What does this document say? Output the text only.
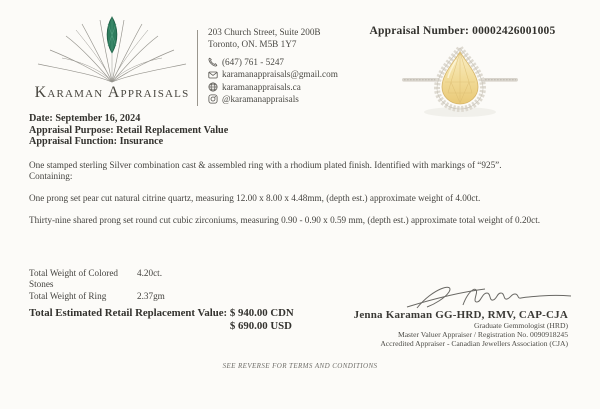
Karaman Appraisals
203 Church Street, Suite 200B
Toronto, ON. M5B 1Y7
(647) 761 - 5247
karamanappraisals@gmail.com
karamanappraisals.ca
@karamanappraisals
Appraisal Number: 00002426001005
Date: September 16, 2024
Appraisal Purpose: Retail Replacement Value
Appraisal Function: Insurance
One stamped sterling Silver combination cast & assembled ring with a rhodium plated finish. Identified with markings of “925”.
Containing:
One prong set pear cut natural citrine quartz, measuring 12.00 x 8.00 x 4.48mm, (depth est.) approximate weight of 4.00ct.
Thirty-nine shared prong set round cut cubic zirconiums, measuring 0.90 - 0.90 x 0.59 mm, (depth est.) approximate total weight of 0.20ct.
Total Weight of Colored Stones
4.20ct.
Total Weight of Ring	2.37gm
Total Estimated Retail Replacement Value: $ 940.00 CDN
$ 690.00 USD
Jenna Karaman GG-HRD, RMV, CAP-CJA
Graduate Gemmologist (HRD)
Master Valuer Appraiser / Registration No. 0090918245
Accredited Appraiser - Canadian Jewellers Association (CJA)
SEE REVERSE FOR TERMS AND CONDITIONS
